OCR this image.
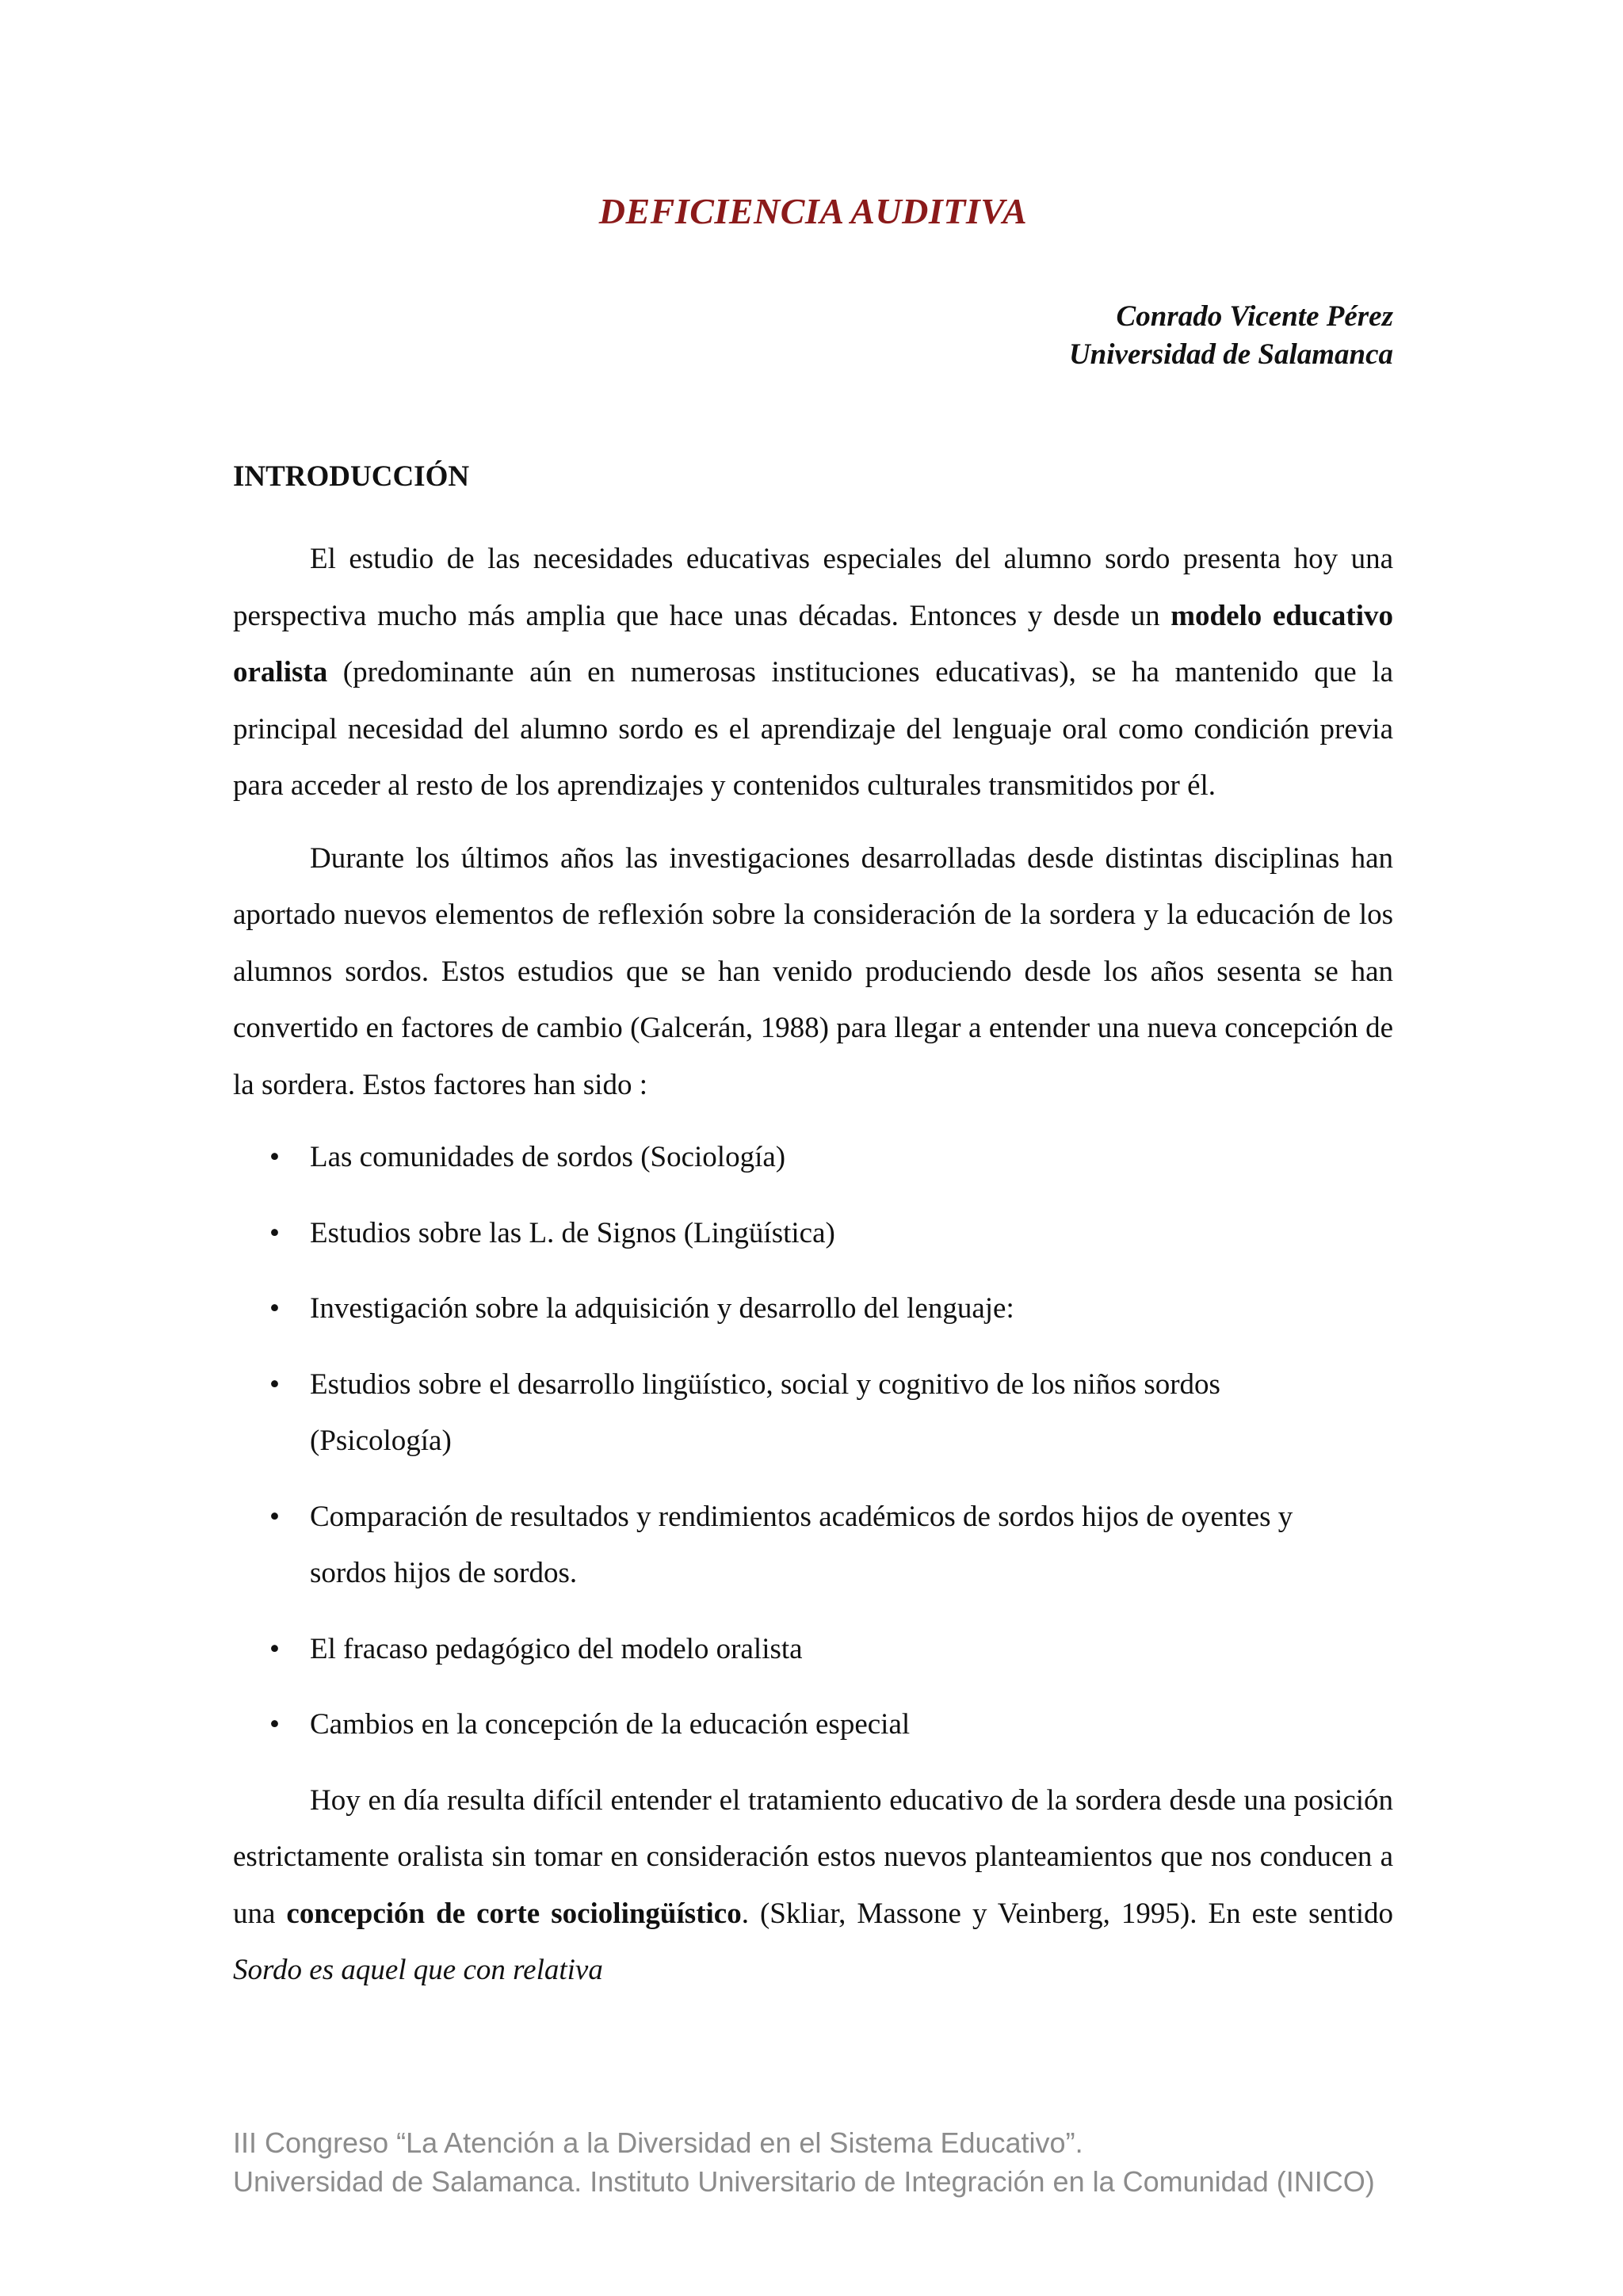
DEFICIENCIA AUDITIVA
Conrado Vicente Pérez
Universidad de Salamanca
INTRODUCCIÓN

El estudio de las necesidades educativas especiales del alumno sordo presenta hoy una perspectiva mucho más amplia que hace unas décadas. Entonces y desde un modelo educativo oralista (predominante aún en numerosas instituciones educativas), se ha mantenido que la principal necesidad del alumno sordo es el aprendizaje del lenguaje oral como condición previa para acceder al resto de los aprendizajes y contenidos culturales transmitidos por él.

Durante los últimos años las investigaciones desarrolladas desde distintas disciplinas han aportado nuevos elementos de reflexión sobre la consideración de la sordera y la educación de los alumnos sordos. Estos estudios que se han venido produciendo desde los años sesenta se han convertido en factores de cambio (Galcerán, 1988) para llegar a entender una nueva concepción de la sordera. Estos factores han sido :

• Las comunidades de sordos (Sociología)
• Estudios sobre las L. de Signos (Lingüística)
• Investigación sobre la adquisición y desarrollo del lenguaje:
• Estudios sobre el desarrollo lingüístico, social y cognitivo de los niños sordos (Psicología)
• Comparación de resultados y rendimientos académicos de sordos hijos de oyentes y sordos hijos de sordos.
• El fracaso pedagógico del modelo oralista
• Cambios en la concepción de la educación especial

Hoy en día resulta difícil entender el tratamiento educativo de la sordera desde una posición estrictamente oralista sin tomar en consideración estos nuevos planteamientos que nos conducen a una concepción de corte sociolingüístico. (Skliar, Massone y Veinberg, 1995). En este sentido Sordo es aquel que con relativa

III Congreso “La Atención a la Diversidad en el Sistema Educativo”.
Universidad de Salamanca. Instituto Universitario de Integración en la Comunidad (INICO)
